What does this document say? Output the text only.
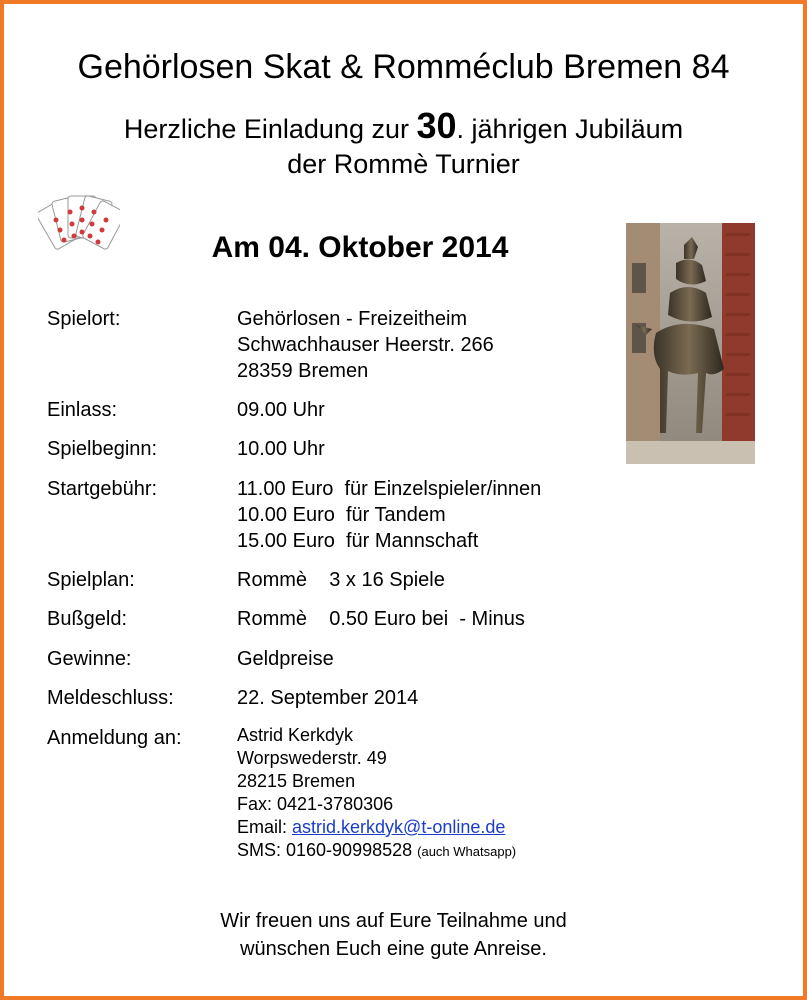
Gehörlosen Skat & Romméclub Bremen 84
Herzliche Einladung zur 30. jährigen Jubiläum
der Rommè Turnier
Am 04. Oktober 2014
Spielort:	Gehörlosen - Freizeitheim
Schwachhauser Heerstr. 266
28359 Bremen
Einlass:	09.00 Uhr
Spielbeginn:	10.00 Uhr
Startgebühr:	11.00 Euro  für Einzelspieler/innen
10.00 Euro  für Tandem
15.00 Euro  für Mannschaft
Spielplan:	Rommè    3 x 16 Spiele
Bußgeld:	Rommè    0.50 Euro bei  - Minus
Gewinne:	Geldpreise
Meldeschluss:	22. September 2014
Anmeldung an:	Astrid Kerkdyk
Worpswederstr. 49
28215 Bremen
Fax: 0421-3780306
Email: astrid.kerkdyk@t-online.de
SMS: 0160-90998528 (auch Whatsapp)
Wir freuen uns auf Eure Teilnahme und
wünschen Euch eine gute Anreise.
